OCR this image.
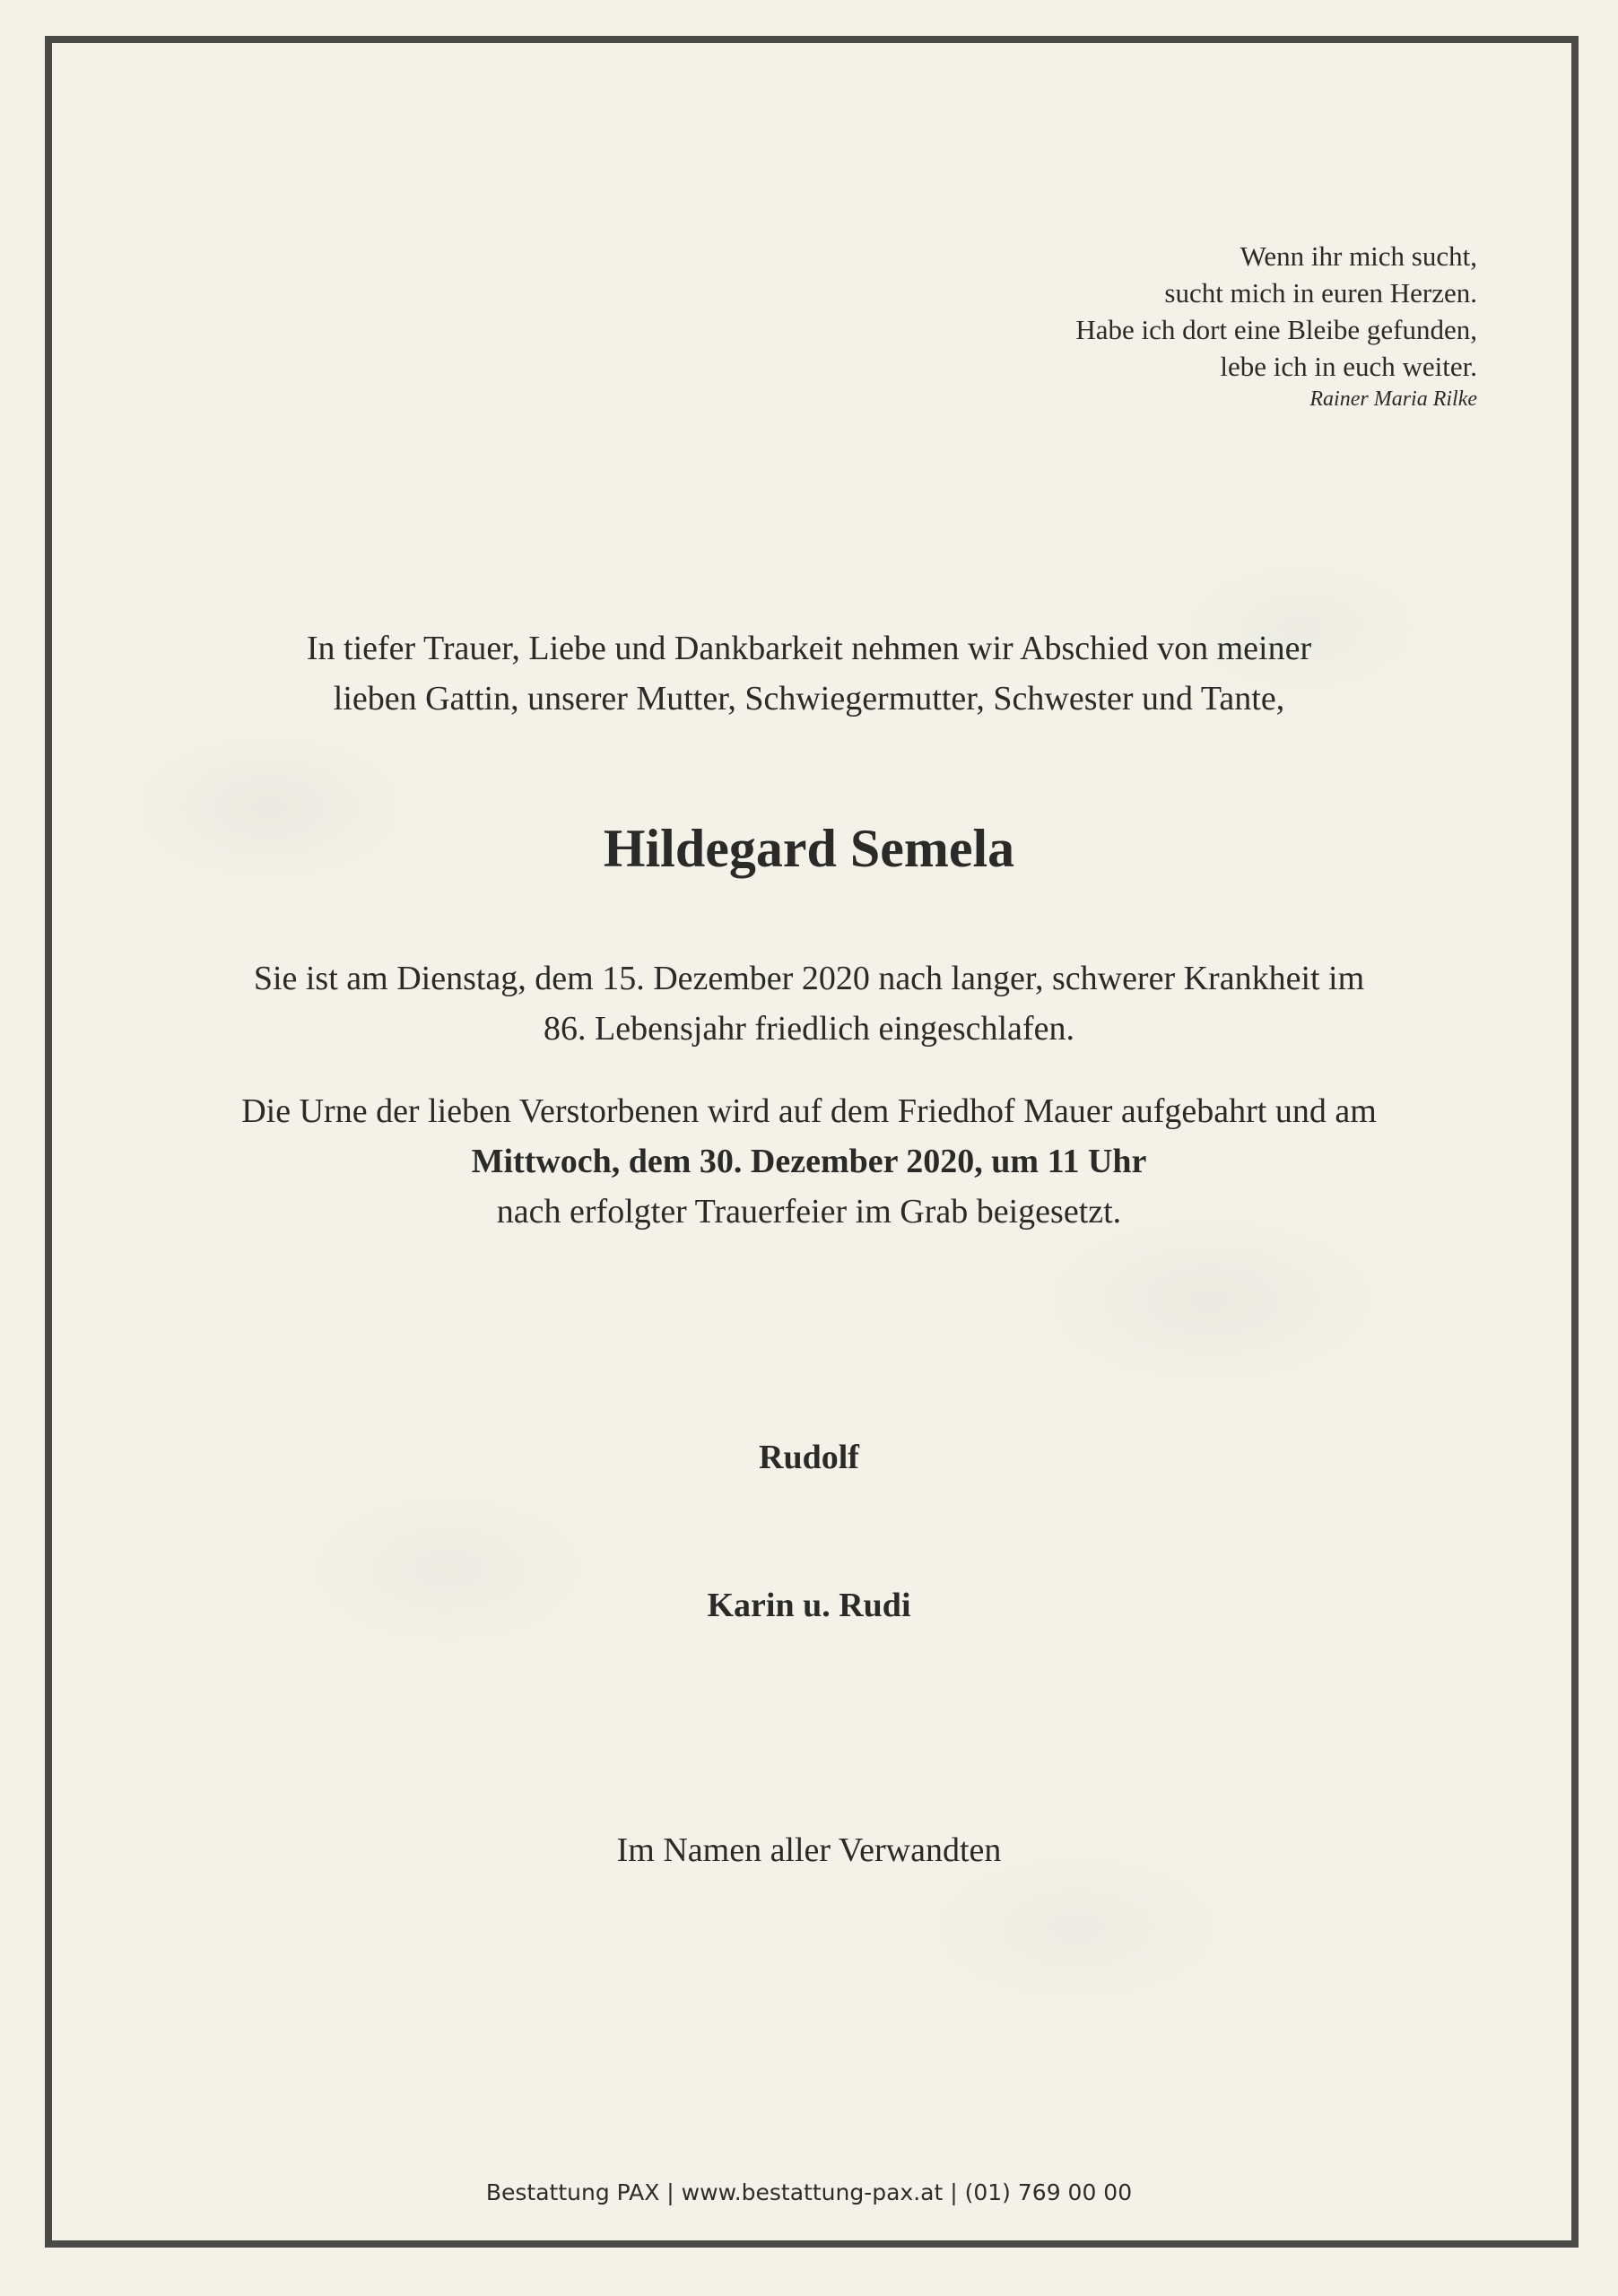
Wenn ihr mich sucht,
sucht mich in euren Herzen.
Habe ich dort eine Bleibe gefunden,
lebe ich in euch weiter.
Rainer Maria Rilke
In tiefer Trauer, Liebe und Dankbarkeit nehmen wir Abschied von meiner
lieben Gattin, unserer Mutter, Schwiegermutter, Schwester und Tante,
Hildegard Semela
Sie ist am Dienstag, dem 15. Dezember 2020 nach langer, schwerer Krankheit im
86. Lebensjahr friedlich eingeschlafen.
Die Urne der lieben Verstorbenen wird auf dem Friedhof Mauer aufgebahrt und am
Mittwoch, dem 30. Dezember 2020, um 11 Uhr
nach erfolgter Trauerfeier im Grab beigesetzt.
Rudolf
Karin u. Rudi
Im Namen aller Verwandten
Bestattung PAX | www.bestattung-pax.at | (01) 769 00 00
